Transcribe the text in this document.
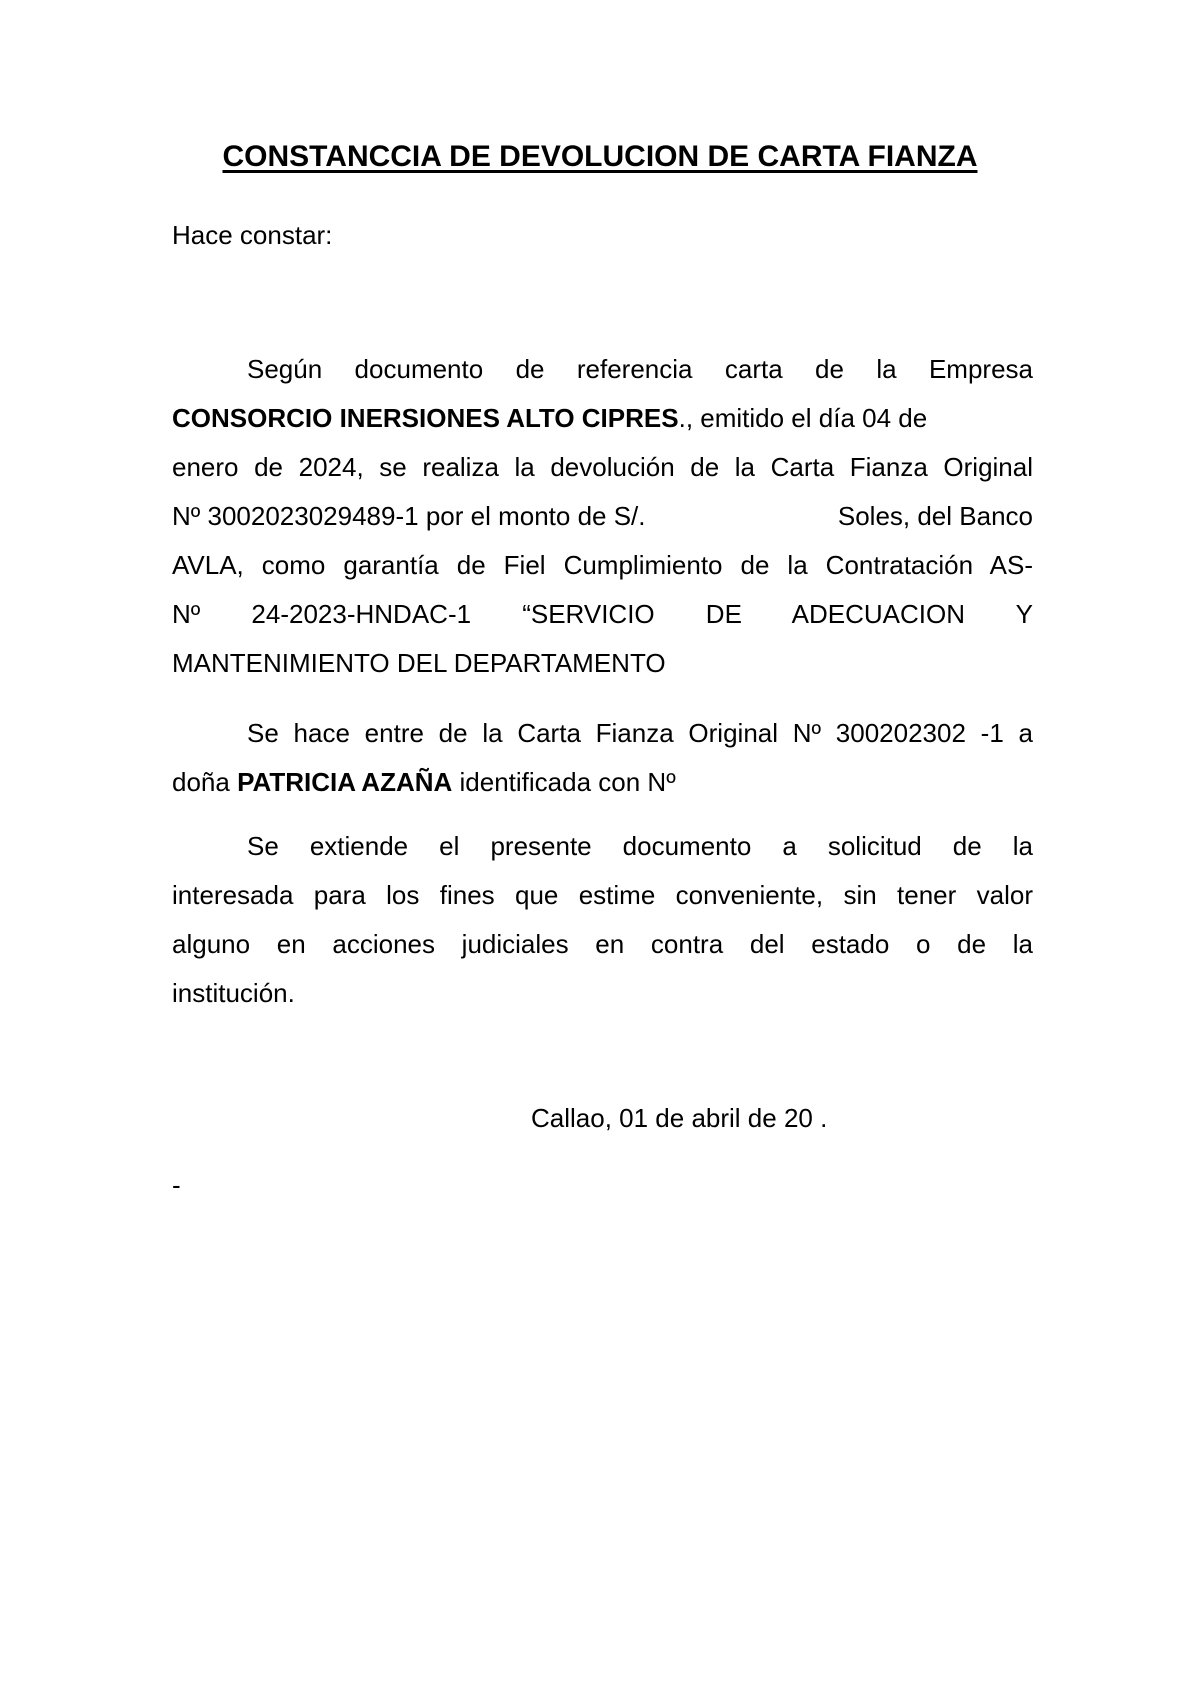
CONSTANCCIA DE DEVOLUCION DE CARTA FIANZA
Hace constar:
Según documento de referencia carta de la Empresa
CONSORCIO INERSIONES ALTO CIPRES., emitido el día 04 de
enero de 2024, se realiza la devolución de la Carta Fianza Original
Nº 3002023029489-1 por el monto de S/.	Soles, del Banco
AVLA, como garantía de Fiel Cumplimiento de la Contratación AS-
Nº 24-2023-HNDAC-1 “SERVICIO DE ADECUACION Y
MANTENIMIENTO DEL DEPARTAMENTO
Se hace entre de la Carta Fianza Original Nº 300202302 -1 a
doña PATRICIA AZAÑA identificada con Nº
Se extiende el presente documento a solicitud de la
interesada para los fines que estime conveniente, sin tener valor
alguno en acciones judiciales en contra del estado o de la
institución.
Callao, 01 de abril de 20 .
-
